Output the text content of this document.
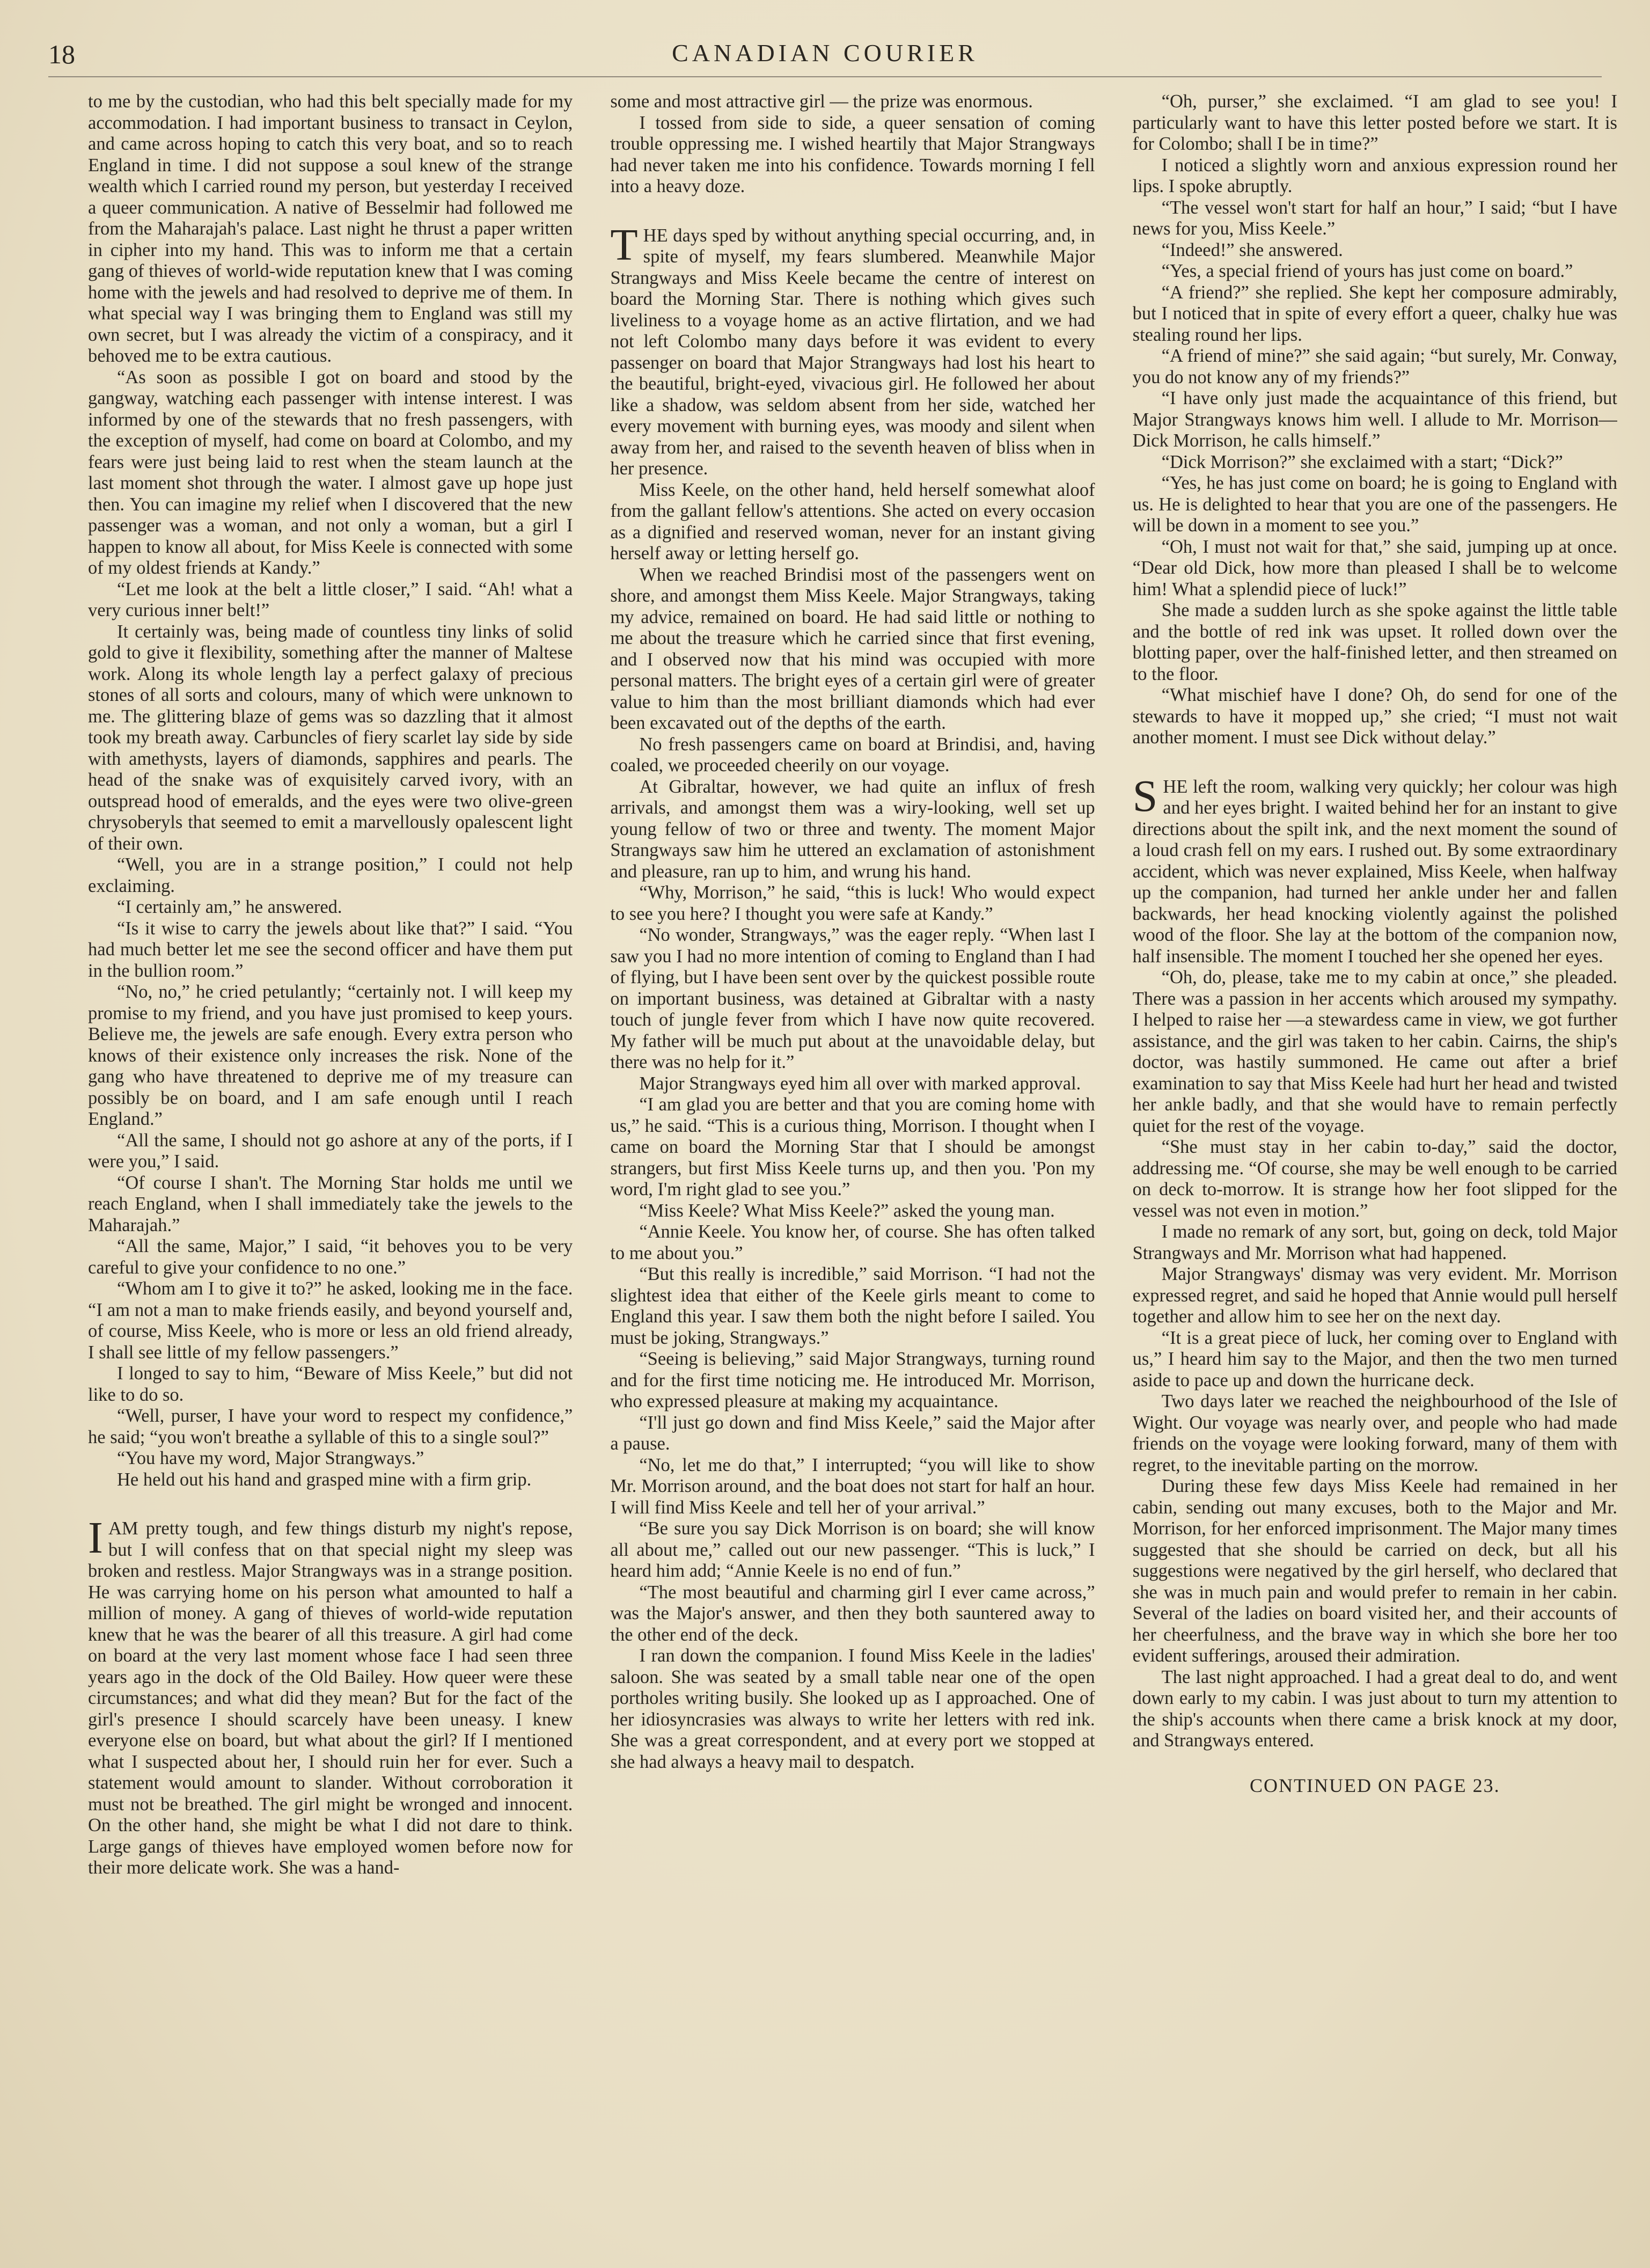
18	CANADIAN COURIER

to me by the custodian, who had this belt specially made for my accommodation. I had important business to transact in Ceylon, and came across hoping to catch this very boat, and so to reach England in time. I did not suppose a soul knew of the strange wealth which I carried round my person, but yesterday I received a queer communication. A native of Besselmir had followed me from the Maharajah's palace. Last night he thrust a paper written in cipher into my hand. This was to inform me that a certain gang of thieves of world-wide reputation knew that I was coming home with the jewels and had resolved to deprive me of them. In what special way I was bringing them to England was still my own secret, but I was already the victim of a conspiracy, and it behoved me to be extra cautious.

“As soon as possible I got on board and stood by the gangway, watching each passenger with intense interest. I was informed by one of the stewards that no fresh passengers, with the exception of myself, had come on board at Colombo, and my fears were just being laid to rest when the steam launch at the last moment shot through the water. I almost gave up hope just then. You can imagine my relief when I discovered that the new passenger was a woman, and not only a woman, but a girl I happen to know all about, for Miss Keele is connected with some of my oldest friends at Kandy.”

“Let me look at the belt a little closer,” I said. “Ah! what a very curious inner belt!”

It certainly was, being made of countless tiny links of solid gold to give it flexibility, something after the manner of Maltese work. Along its whole length lay a perfect galaxy of precious stones of all sorts and colours, many of which were unknown to me. The glittering blaze of gems was so dazzling that it almost took my breath away. Carbuncles of fiery scarlet lay side by side with amethysts, layers of diamonds, sapphires and pearls. The head of the snake was of exquisitely carved ivory, with an outspread hood of emeralds, and the eyes were two olive-green chrysoberyls that seemed to emit a marvellously opalescent light of their own.

“Well, you are in a strange position,” I could not help exclaiming.

“I certainly am,” he answered.

“Is it wise to carry the jewels about like that?” I said. “You had much better let me see the second officer and have them put in the bullion room.”

“No, no,” he cried petulantly; “certainly not. I will keep my promise to my friend, and you have just promised to keep yours. Believe me, the jewels are safe enough. Every extra person who knows of their existence only increases the risk. None of the gang who have threatened to deprive me of my treasure can possibly be on board, and I am safe enough until I reach England.”

“All the same, I should not go ashore at any of the ports, if I were you,” I said.

“Of course I shan't. The Morning Star holds me until we reach England, when I shall immediately take the jewels to the Maharajah.”

“All the same, Major,” I said, “it behoves you to be very careful to give your confidence to no one.”

“Whom am I to give it to?” he asked, looking me in the face. “I am not a man to make friends easily, and beyond yourself and, of course, Miss Keele, who is more or less an old friend already, I shall see little of my fellow passengers.”

I longed to say to him, “Beware of Miss Keele,” but did not like to do so.

“Well, purser, I have your word to respect my confidence,” he said; “you won't breathe a syllable of this to a single soul?”

“You have my word, Major Strangways.”

He held out his hand and grasped mine with a firm grip.

IAM pretty tough, and few things disturb my night's repose, but I will confess that on that special night my sleep was broken and restless. Major Strangways was in a strange position. He was carrying home on his person what amounted to half a million of money. A gang of thieves of world-wide reputation knew that he was the bearer of all this treasure. A girl had come on board at the very last moment whose face I had seen three years ago in the dock of the Old Bailey. How queer were these circumstances; and what did they mean? But for the fact of the girl's presence I should scarcely have been uneasy. I knew everyone else on board, but what about the girl? If I mentioned what I suspected about her, I should ruin her for ever. Such a statement would amount to slander. Without corroboration it must not be breathed. The girl might be wronged and innocent. On the other hand, she might be what I did not dare to think. Large gangs of thieves have employed women before now for their more delicate work. She was a hand-

some and most attractive girl — the prize was enormous.

I tossed from side to side, a queer sensation of coming trouble oppressing me. I wished heartily that Major Strangways had never taken me into his confidence. Towards morning I fell into a heavy doze.

THE days sped by without anything special occurring, and, in spite of myself, my fears slumbered. Meanwhile Major Strangways and Miss Keele became the centre of interest on board the Morning Star. There is nothing which gives such liveliness to a voyage home as an active flirtation, and we had not left Colombo many days before it was evident to every passenger on board that Major Strangways had lost his heart to the beautiful, bright-eyed, vivacious girl. He followed her about like a shadow, was seldom absent from her side, watched her every movement with burning eyes, was moody and silent when away from her, and raised to the seventh heaven of bliss when in her presence.

Miss Keele, on the other hand, held herself somewhat aloof from the gallant fellow's attentions. She acted on every occasion as a dignified and reserved woman, never for an instant giving herself away or letting herself go.

When we reached Brindisi most of the passengers went on shore, and amongst them Miss Keele. Major Strangways, taking my advice, remained on board. He had said little or nothing to me about the treasure which he carried since that first evening, and I observed now that his mind was occupied with more personal matters. The bright eyes of a certain girl were of greater value to him than the most brilliant diamonds which had ever been excavated out of the depths of the earth.

No fresh passengers came on board at Brindisi, and, having coaled, we proceeded cheerily on our voyage.

At Gibraltar, however, we had quite an influx of fresh arrivals, and amongst them was a wiry-looking, well set up young fellow of two or three and twenty. The moment Major Strangways saw him he uttered an exclamation of astonishment and pleasure, ran up to him, and wrung his hand.

“Why, Morrison,” he said, “this is luck! Who would expect to see you here? I thought you were safe at Kandy.”

“No wonder, Strangways,” was the eager reply. “When last I saw you I had no more intention of coming to England than I had of flying, but I have been sent over by the quickest possible route on important business, was detained at Gibraltar with a nasty touch of jungle fever from which I have now quite recovered. My father will be much put about at the unavoidable delay, but there was no help for it.”

Major Strangways eyed him all over with marked approval.

“I am glad you are better and that you are coming home with us,” he said. “This is a curious thing, Morrison. I thought when I came on board the Morning Star that I should be amongst strangers, but first Miss Keele turns up, and then you. 'Pon my word, I'm right glad to see you.”

“Miss Keele? What Miss Keele?” asked the young man.

“Annie Keele. You know her, of course. She has often talked to me about you.”

“But this really is incredible,” said Morrison. “I had not the slightest idea that either of the Keele girls meant to come to England this year. I saw them both the night before I sailed. You must be joking, Strangways.”

“Seeing is believing,” said Major Strangways, turning round and for the first time noticing me. He introduced Mr. Morrison, who expressed pleasure at making my acquaintance.

“I'll just go down and find Miss Keele,” said the Major after a pause.

“No, let me do that,” I interrupted; “you will like to show Mr. Morrison around, and the boat does not start for half an hour. I will find Miss Keele and tell her of your arrival.”

“Be sure you say Dick Morrison is on board; she will know all about me,” called out our new passenger. “This is luck,” I heard him add; “Annie Keele is no end of fun.”

“The most beautiful and charming girl I ever came across,” was the Major's answer, and then they both sauntered away to the other end of the deck.

I ran down the companion. I found Miss Keele in the ladies' saloon. She was seated by a small table near one of the open portholes writing busily. She looked up as I approached. One of her idiosyncrasies was always to write her letters with red ink. She was a great correspondent, and at every port we stopped at she had always a heavy mail to despatch.

“Oh, purser,” she exclaimed. “I am glad to see you! I particularly want to have this letter posted before we start. It is for Colombo; shall I be in time?”

I noticed a slightly worn and anxious expression round her lips. I spoke abruptly.

“The vessel won't start for half an hour,” I said; “but I have news for you, Miss Keele.”

“Indeed!” she answered.

“Yes, a special friend of yours has just come on board.”

“A friend?” she replied. She kept her composure admirably, but I noticed that in spite of every effort a queer, chalky hue was stealing round her lips.

“A friend of mine?” she said again; “but surely, Mr. Conway, you do not know any of my friends?”

“I have only just made the acquaintance of this friend, but Major Strangways knows him well. I allude to Mr. Morrison—Dick Morrison, he calls himself.”

“Dick Morrison?” she exclaimed with a start; “Dick?”

“Yes, he has just come on board; he is going to England with us. He is delighted to hear that you are one of the passengers. He will be down in a moment to see you.”

“Oh, I must not wait for that,” she said, jumping up at once. “Dear old Dick, how more than pleased I shall be to welcome him! What a splendid piece of luck!”

She made a sudden lurch as she spoke against the little table and the bottle of red ink was upset. It rolled down over the blotting paper, over the half-finished letter, and then streamed on to the floor.

“What mischief have I done? Oh, do send for one of the stewards to have it mopped up,” she cried; “I must not wait another moment. I must see Dick without delay.”

SHE left the room, walking very quickly; her colour was high and her eyes bright. I waited behind her for an instant to give directions about the spilt ink, and the next moment the sound of a loud crash fell on my ears. I rushed out. By some extraordinary accident, which was never explained, Miss Keele, when halfway up the companion, had turned her ankle under her and fallen backwards, her head knocking violently against the polished wood of the floor. She lay at the bottom of the companion now, half insensible. The moment I touched her she opened her eyes.

“Oh, do, please, take me to my cabin at once,” she pleaded. There was a passion in her accents which aroused my sympathy. I helped to raise her —a stewardess came in view, we got further assistance, and the girl was taken to her cabin. Cairns, the ship's doctor, was hastily summoned. He came out after a brief examination to say that Miss Keele had hurt her head and twisted her ankle badly, and that she would have to remain perfectly quiet for the rest of the voyage.

“She must stay in her cabin to-day,” said the doctor, addressing me. “Of course, she may be well enough to be carried on deck to-morrow. It is strange how her foot slipped for the vessel was not even in motion.”

I made no remark of any sort, but, going on deck, told Major Strangways and Mr. Morrison what had happened.

Major Strangways' dismay was very evident. Mr. Morrison expressed regret, and said he hoped that Annie would pull herself together and allow him to see her on the next day.

“It is a great piece of luck, her coming over to England with us,” I heard him say to the Major, and then the two men turned aside to pace up and down the hurricane deck.

Two days later we reached the neighbourhood of the Isle of Wight. Our voyage was nearly over, and people who had made friends on the voyage were looking forward, many of them with regret, to the inevitable parting on the morrow.

During these few days Miss Keele had remained in her cabin, sending out many excuses, both to the Major and Mr. Morrison, for her enforced imprisonment. The Major many times suggested that she should be carried on deck, but all his suggestions were negatived by the girl herself, who declared that she was in much pain and would prefer to remain in her cabin. Several of the ladies on board visited her, and their accounts of her cheerfulness, and the brave way in which she bore her too evident sufferings, aroused their admiration.

The last night approached. I had a great deal to do, and went down early to my cabin. I was just about to turn my attention to the ship's accounts when there came a brisk knock at my door, and Strangways entered.

CONTINUED ON PAGE 23.
